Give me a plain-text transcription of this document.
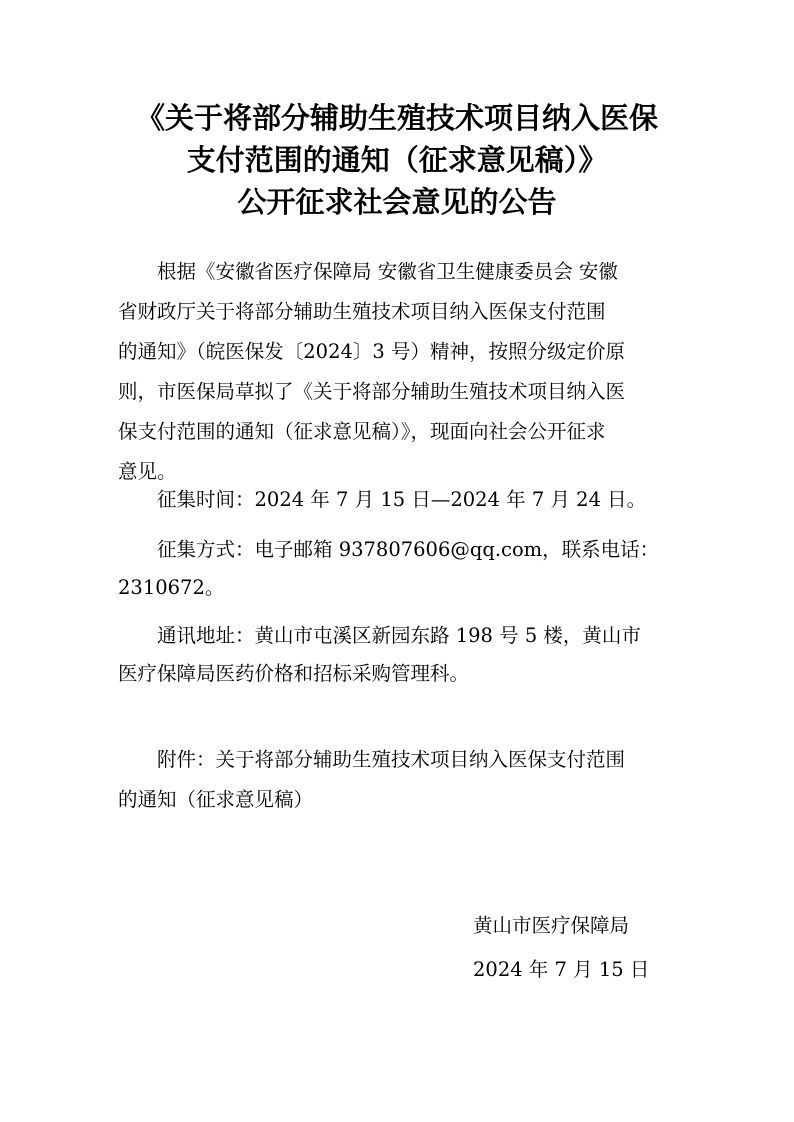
《关于将部分辅助生殖技术项目纳入医保
支付范围的通知（征求意见稿）》
公开征求社会意见的公告

根据《安徽省医疗保障局 安徽省卫生健康委员会 安徽

省财政厅关于将部分辅助生殖技术项目纳入医保支付范围

的通知》（皖医保发〔2024〕3 号）精神，按照分级定价原

则，市医保局草拟了《关于将部分辅助生殖技术项目纳入医

保支付范围的通知（征求意见稿）》，现面向社会公开征求

意见。

征集时间：2024 年 7 月 15 日—2024 年 7 月 24 日。

征集方式：电子邮箱 937807606@qq.com，联系电话：

2310672。

通讯地址：黄山市屯溪区新园东路 198 号 5 楼，黄山市

医疗保障局医药价格和招标采购管理科。

附件：关于将部分辅助生殖技术项目纳入医保支付范围

的通知（征求意见稿）

黄山市医疗保障局

2024 年 7 月 15 日
